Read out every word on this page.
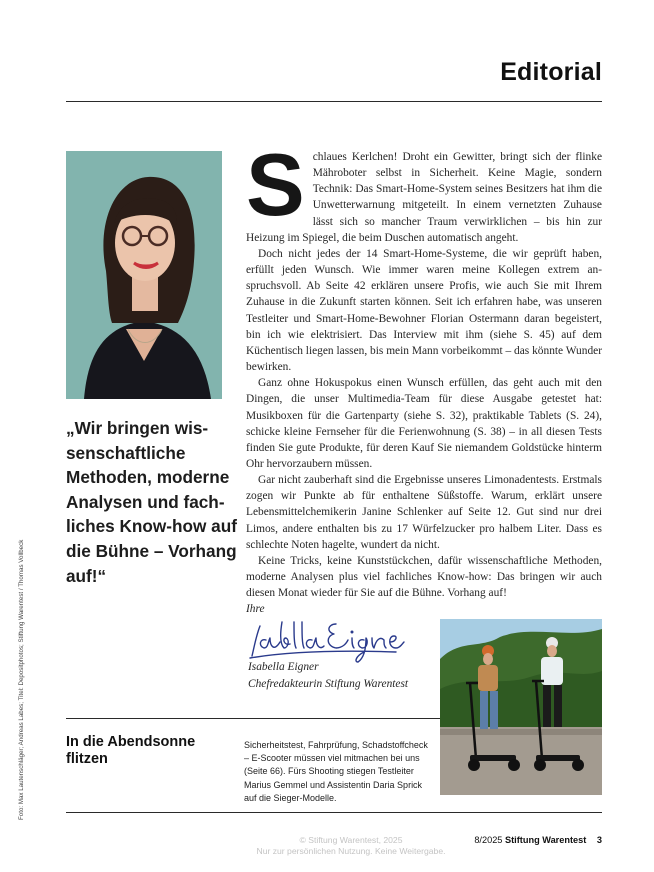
Editorial

„Wir bringen wissenschaftliche Methoden, moderne Analysen und fachliches Know-how auf die Bühne – Vorhang auf!“

Schlaues Kerlchen! Droht ein Gewitter, bringt sich der flinke Mähroboter selbst in Sicherheit. Keine Magie, sondern Technik: Das Smart-Home-System seines Besitzers hat ihm die Unwetterwarnung mitgeteilt. In einem vernetzten Zuhause lässt sich so mancher Traum verwirklichen – bis hin zur Heizung im Spiegel, die beim Duschen automatisch angeht.

Doch nicht jedes der 14 Smart-Home-Systeme, die wir geprüft haben, erfüllt jeden Wunsch. Wie immer waren meine Kollegen extrem anspruchsvoll. Ab Seite 42 erklären unsere Profis, wie auch Sie mit Ihrem Zuhause in die Zukunft starten können. Seit ich erfahren habe, was unseren Testleiter und Smart-Home-Bewohner Florian Ostermann daran begeistert, bin ich wie elektrisiert. Das Interview mit ihm (siehe S. 45) auf dem Küchentisch liegen lassen, bis mein Mann vorbeikommt – das könnte Wunder bewirken.

Ganz ohne Hokuspokus einen Wunsch erfüllen, das geht auch mit den Dingen, die unser Multimedia-Team für diese Ausgabe getestet hat: Musikboxen für die Gartenparty (siehe S. 32), praktikable Tablets (S. 24), schicke kleine Fernseher für die Ferienwohnung (S. 38) – in all diesen Tests finden Sie gute Produkte, für deren Kauf Sie niemandem Goldstücke hinterm Ohr hervorzaubern müssen.

Gar nicht zauberhaft sind die Ergebnisse unseres Limonadentests. Erstmals zogen wir Punkte ab für enthaltene Süßstoffe. Warum, erklärt unsere Lebensmittelchemikerin Janine Schlenker auf Seite 12. Gut sind nur drei Limos, andere enthalten bis zu 17 Würfelzucker pro halbem Liter. Dass es schlechte Noten hagelte, wundert da nicht.

Keine Tricks, keine Kunststückchen, dafür wissenschaftliche Methoden, moderne Analysen plus viel fachliches Know-how: Das bringen wir auch diesen Monat wieder für Sie auf die Bühne. Vorhang auf!

Ihre

Isabella Eigner

Chefredakteurin Stiftung Warentest

In die Abendsonne flitzen

Sicherheitstest, Fahrprüfung, Schadstoffcheck – E-Scooter müssen viel mitmachen bei uns (Seite 66). Fürs Shooting stiegen Testleiter Marius Gemmel und Assistentin Daria Sprick auf die Sieger-Modelle.

Foto: Max Lautenschläger; Andreas Labes; Titel: Depositphotos; Stiftung Warentest / Thomas Vollbeck
© Stiftung Warentest, 2025
Nur zur persönlichen Nutzung. Keine Weitergabe.
8/2025 Stiftung Warentest 3
